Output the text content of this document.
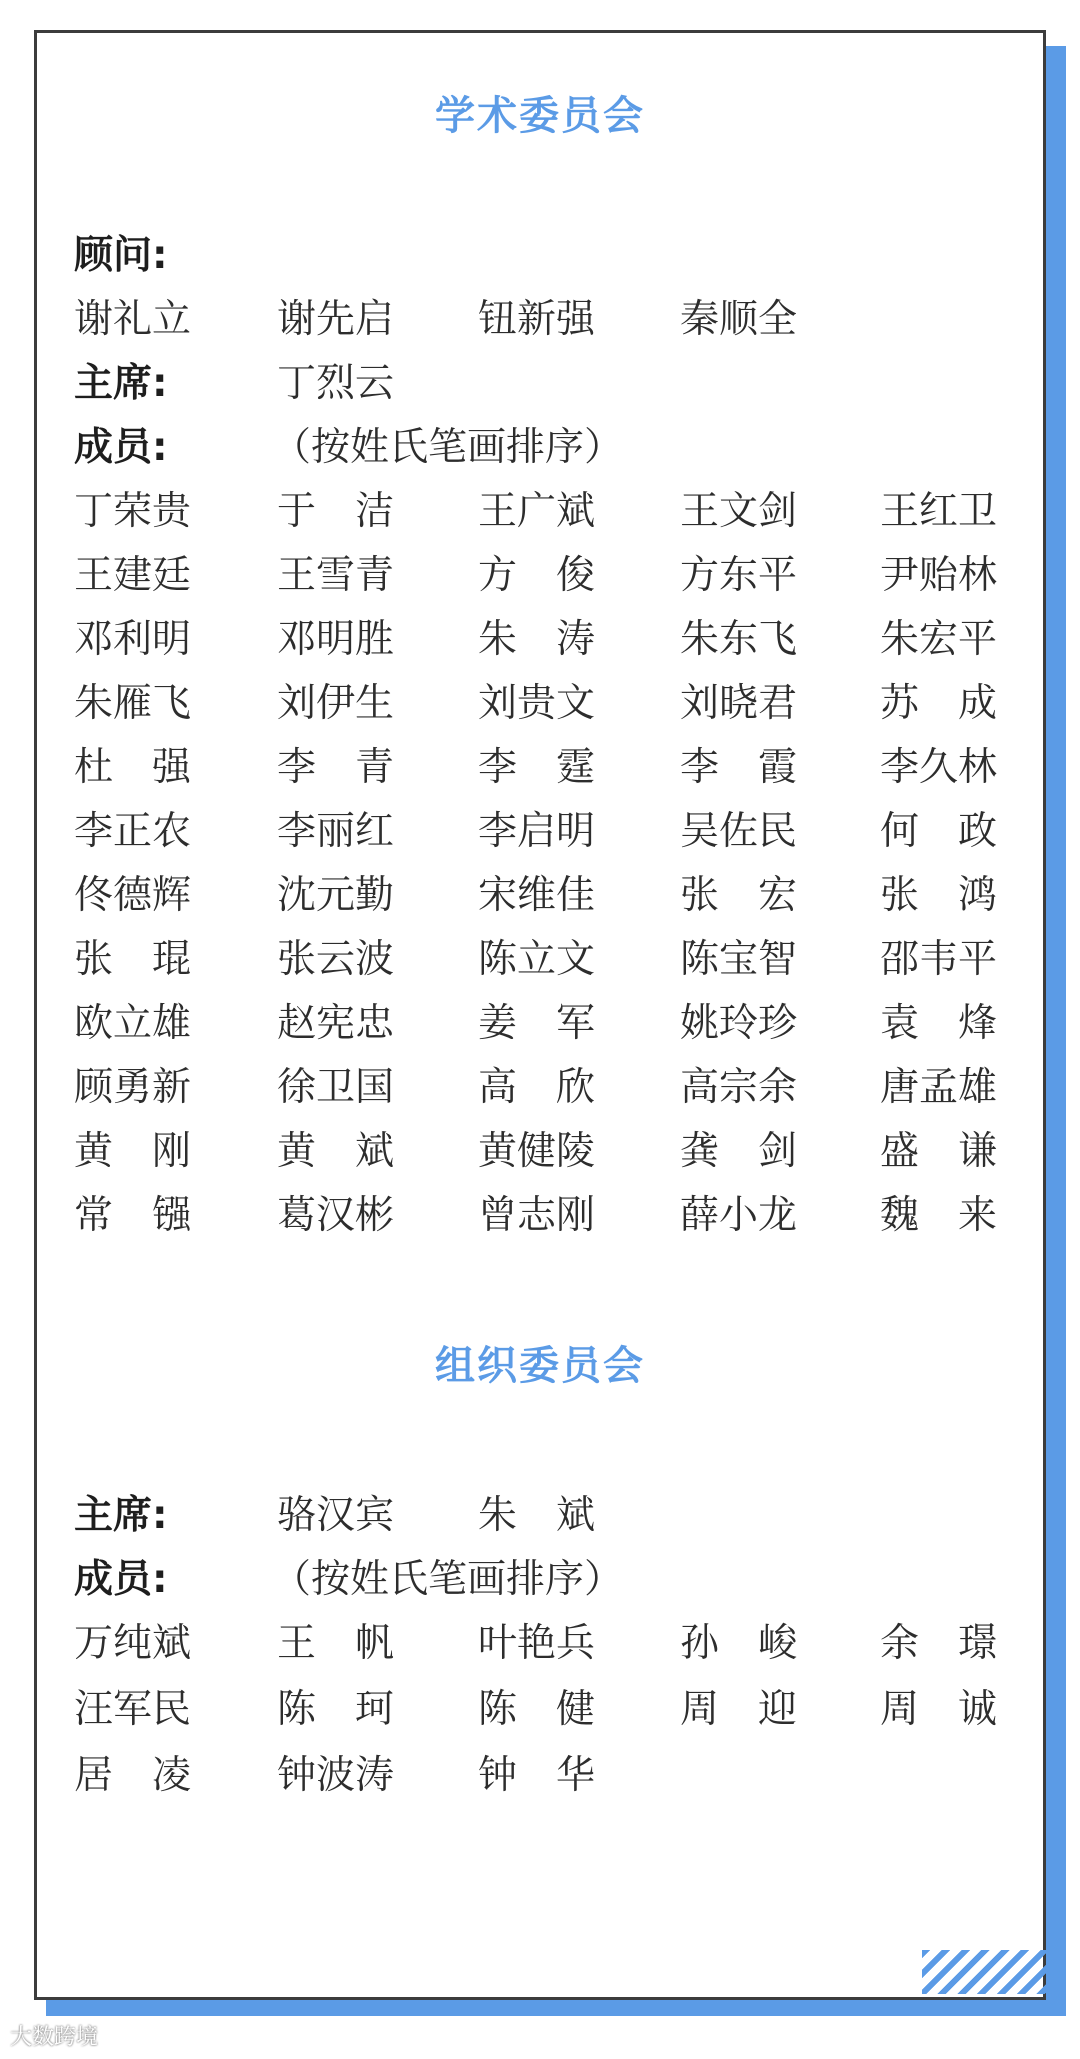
学术委员会
顾问:
谢礼立 谢先启 钮新强 秦顺全
主席:	丁烈云
成员:	（按姓氏笔画排序）
丁荣贵 于　洁 王广斌 王文剑 王红卫
王建廷 王雪青 方　俊 方东平 尹贻林
邓利明 邓明胜 朱　涛 朱东飞 朱宏平
朱雁飞 刘伊生 刘贵文 刘晓君 苏　成
杜　强 李　青 李　霆 李　霞 李久林
李正农 李丽红 李启明 吴佐民 何　政
佟德辉 沈元勤 宋维佳 张　宏 张　鸿
张　琨 张云波 陈立文 陈宝智 邵韦平
欧立雄 赵宪忠 姜　军 姚玲珍 袁　烽
顾勇新 徐卫国 高　欣 高宗余 唐孟雄
黄　刚 黄　斌 黄健陵 龚　剑 盛　谦
常　镪 葛汉彬 曾志刚 薛小龙 魏　来
组织委员会
主席:	骆汉宾 朱　斌
成员:	（按姓氏笔画排序）
万纯斌 王　帆 叶艳兵 孙　峻 余　璟
汪军民 陈　珂 陈　健 周　迎 周　诚
居　凌 钟波涛 钟　华
大数跨境
